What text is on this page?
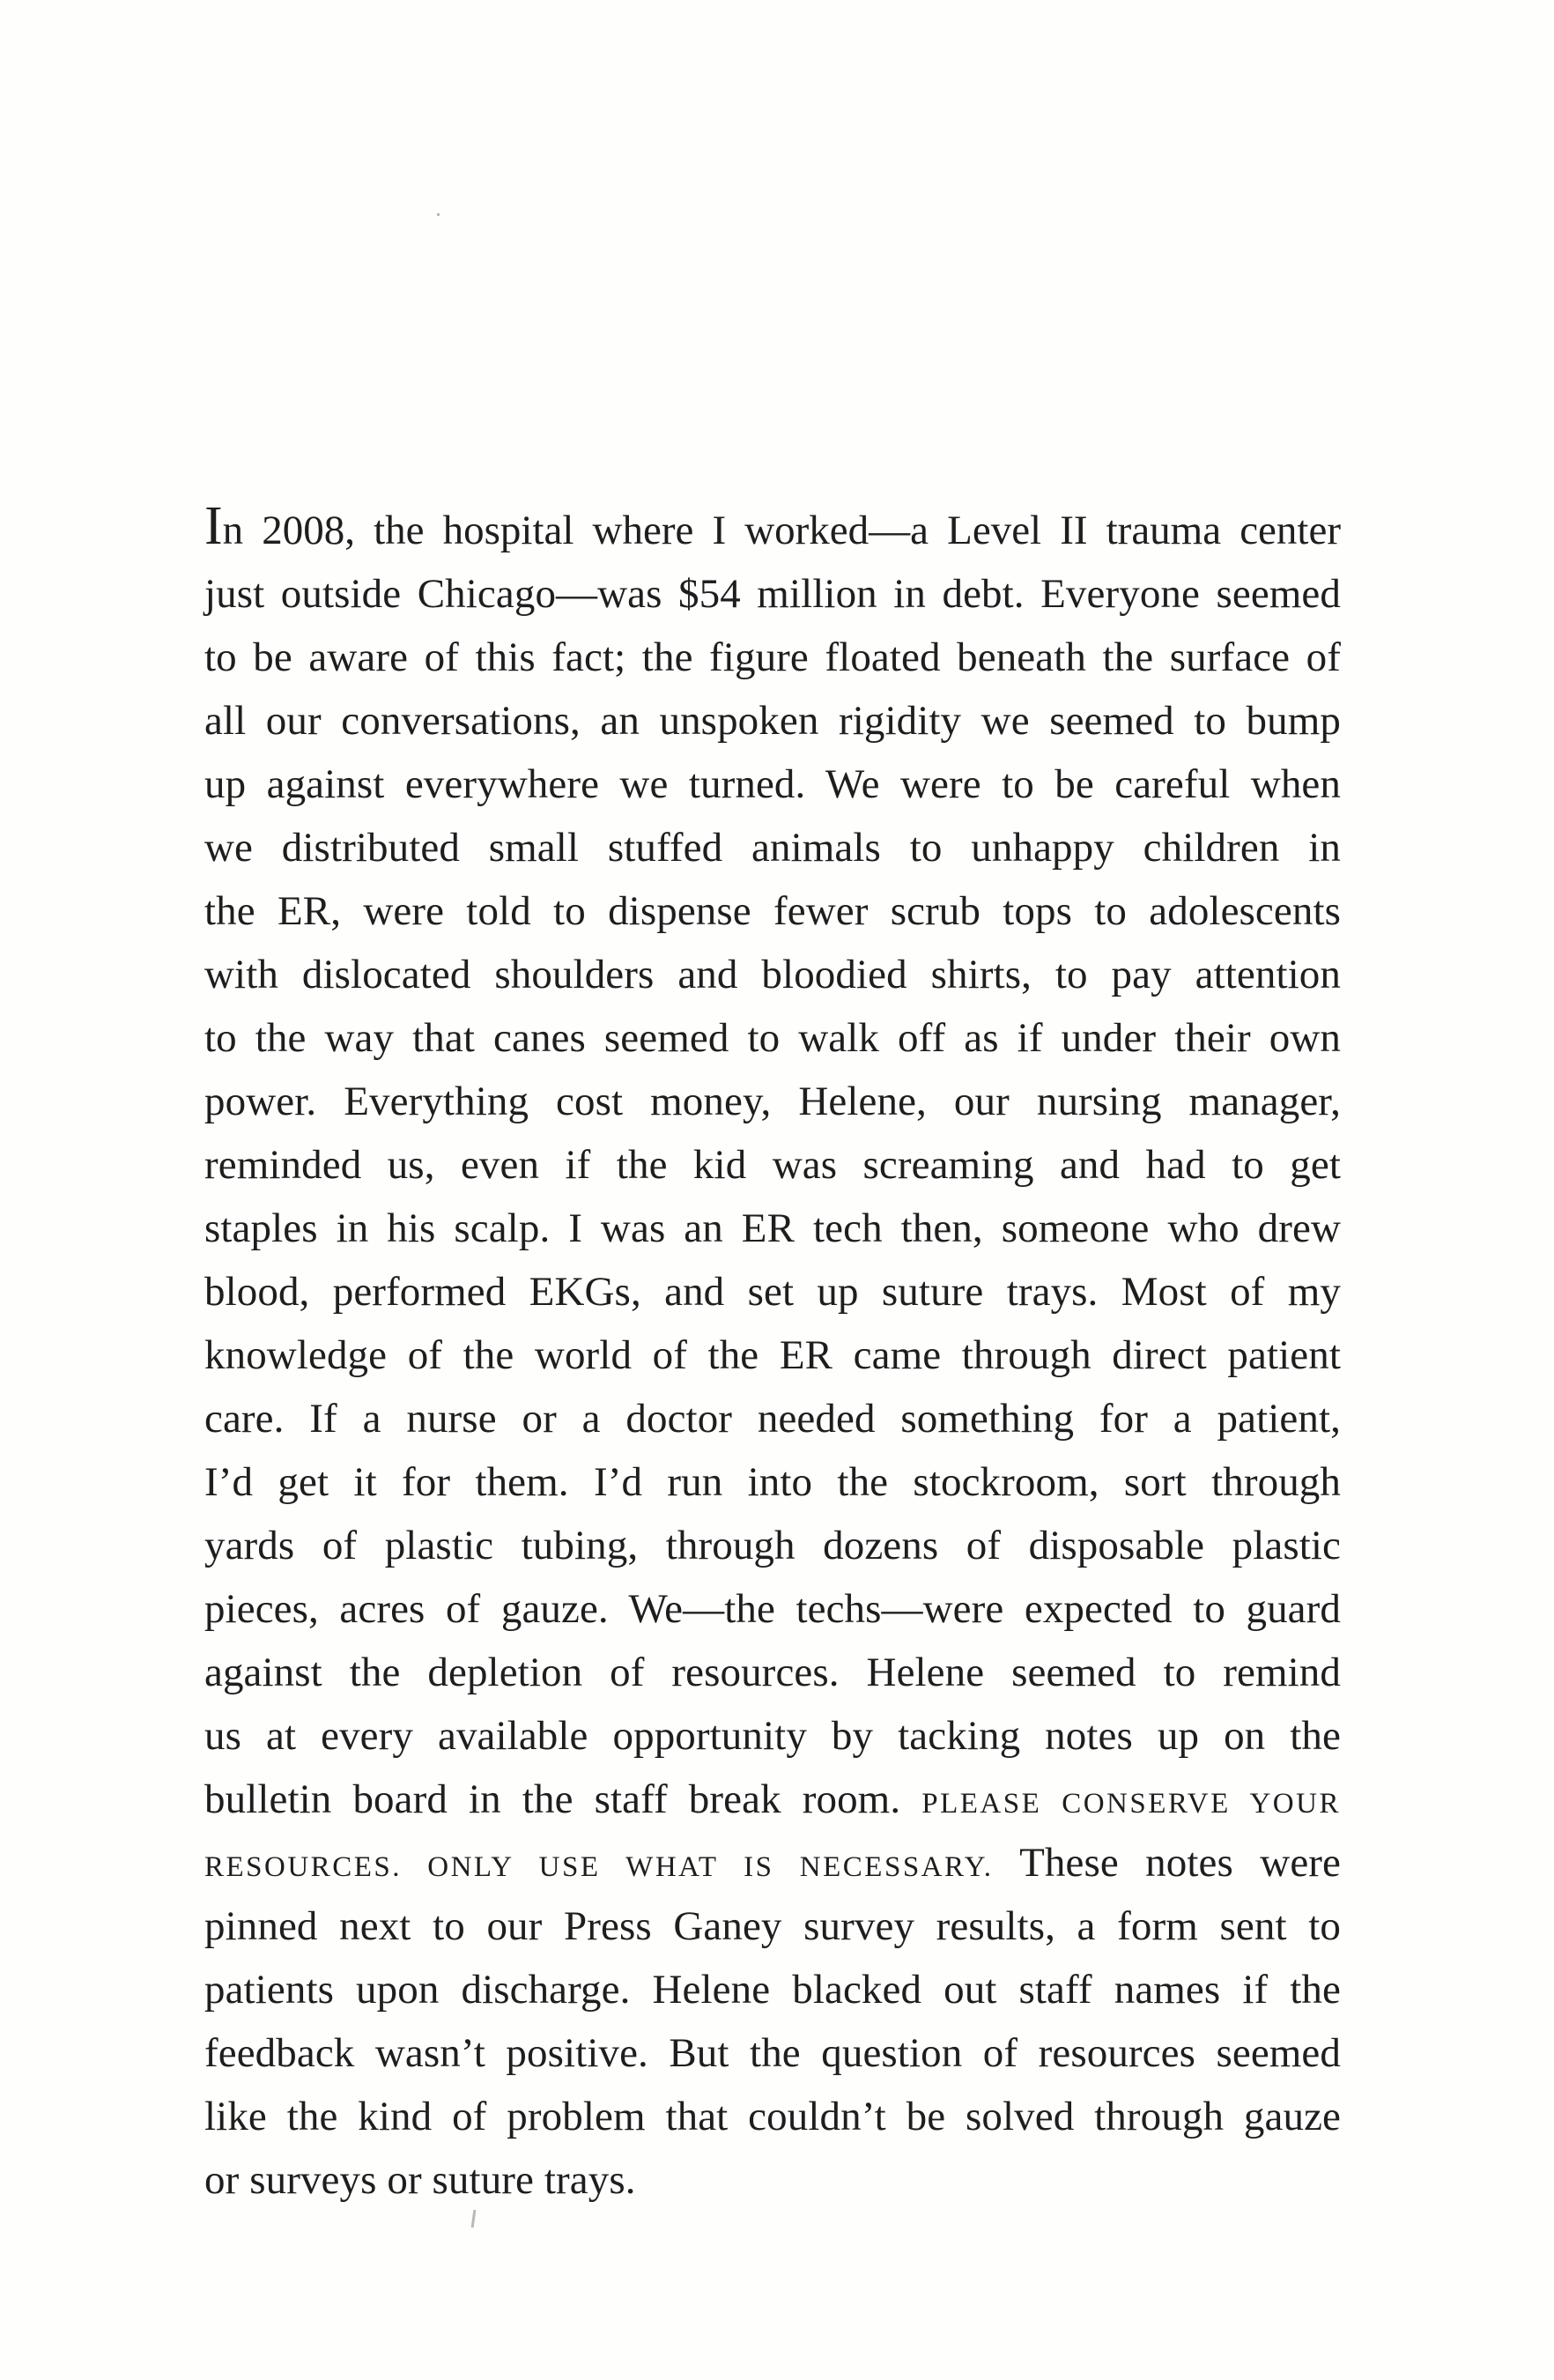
In 2008, the hospital where I worked—a Level II trauma center
just outside Chicago—was $54 million in debt. Everyone seemed
to be aware of this fact; the figure floated beneath the surface of
all our conversations, an unspoken rigidity we seemed to bump
up against everywhere we turned. We were to be careful when
we distributed small stuffed animals to unhappy children in
the ER, were told to dispense fewer scrub tops to adolescents
with dislocated shoulders and bloodied shirts, to pay attention
to the way that canes seemed to walk off as if under their own
power. Everything cost money, Helene, our nursing manager,
reminded us, even if the kid was screaming and had to get
staples in his scalp. I was an ER tech then, someone who drew
blood, performed EKGs, and set up suture trays. Most of my
knowledge of the world of the ER came through direct patient
care. If a nurse or a doctor needed something for a patient,
I’d get it for them. I’d run into the stockroom, sort through
yards of plastic tubing, through dozens of disposable plastic
pieces, acres of gauze. We—the techs—were expected to guard
against the depletion of resources. Helene seemed to remind
us at every available opportunity by tacking notes up on the
bulletin board in the staff break room. PLEASE CONSERVE YOUR
RESOURCES. ONLY USE WHAT IS NECESSARY. These notes were
pinned next to our Press Ganey survey results, a form sent to
patients upon discharge. Helene blacked out staff names if the
feedback wasn’t positive. But the question of resources seemed
like the kind of problem that couldn’t be solved through gauze
or surveys or suture trays.
